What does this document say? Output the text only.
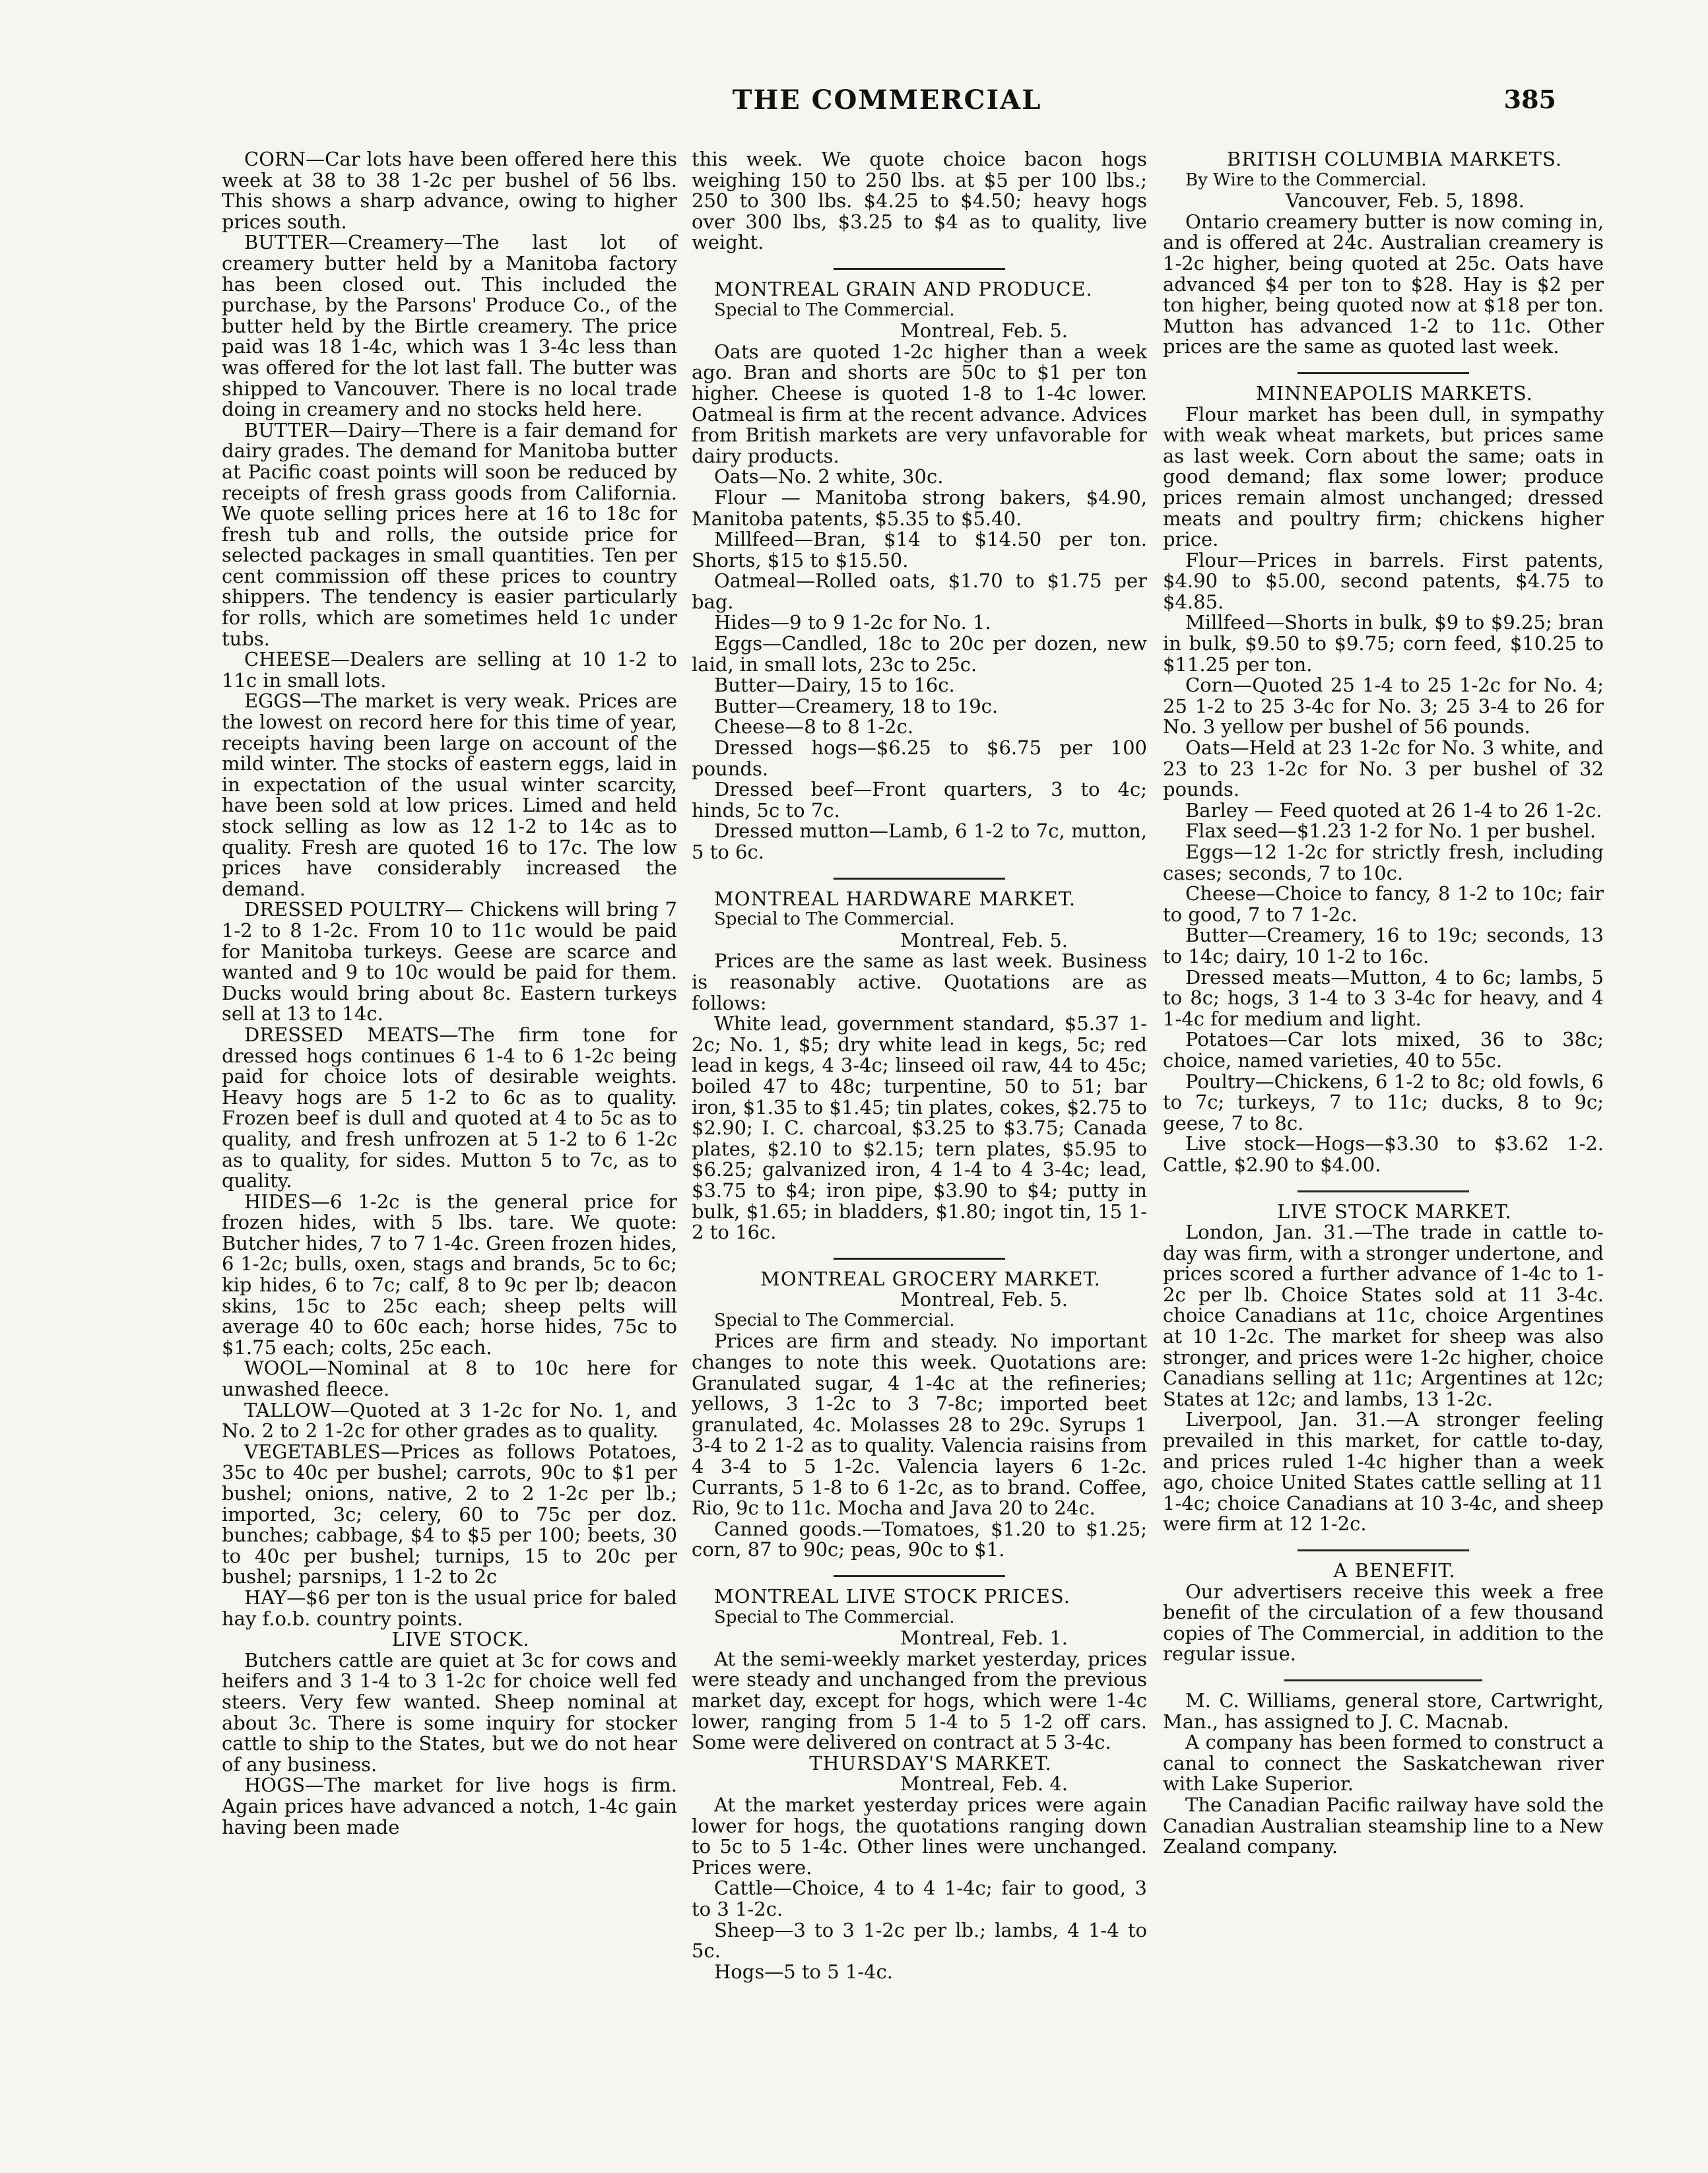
THE COMMERCIAL	385

CORN—Car lots have been offered here this week at 38 to 38 1-2c per bushel of 56 lbs. This shows a sharp advance, owing to higher prices south.

BUTTER—Creamery—The last lot of creamery butter held by a Manitoba factory has been closed out. This included the purchase, by the Parsons' Produce Co., of the butter held by the Birtle creamery. The price paid was 18 1-4c, which was 1 3-4c less than was offered for the lot last fall. The butter was shipped to Vancouver. There is no local trade doing in creamery and no stocks held here.

BUTTER—Dairy—There is a fair demand for dairy grades. The demand for Manitoba butter at Pacific coast points will soon be reduced by receipts of fresh grass goods from California. We quote selling prices here at 16 to 18c for fresh tub and rolls, the outside price for selected packages in small quantities. Ten per cent commission off these prices to country shippers. The tendency is easier particularly for rolls, which are sometimes held 1c under tubs.

CHEESE—Dealers are selling at 10 1-2 to 11c in small lots.

EGGS—The market is very weak. Prices are the lowest on record here for this time of year, receipts having been large on account of the mild winter. The stocks of eastern eggs, laid in in expectation of the usual winter scarcity, have been sold at low prices. Limed and held stock selling as low as 12 1-2 to 14c as to quality. Fresh are quoted 16 to 17c. The low prices have considerably increased the demand.

DRESSED POULTRY— Chickens will bring 7 1-2 to 8 1-2c. From 10 to 11c would be paid for Manitoba turkeys. Geese are scarce and wanted and 9 to 10c would be paid for them. Ducks would bring about 8c. Eastern turkeys sell at 13 to 14c.

DRESSED MEATS—The firm tone for dressed hogs continues 6 1-4 to 6 1-2c being paid for choice lots of desirable weights. Heavy hogs are 5 1-2 to 6c as to quality. Frozen beef is dull and quoted at 4 to 5c as to quality, and fresh unfrozen at 5 1-2 to 6 1-2c as to quality, for sides. Mutton 5 to 7c, as to quality.

HIDES—6 1-2c is the general price for frozen hides, with 5 lbs. tare. We quote: Butcher hides, 7 to 7 1-4c. Green frozen hides, 6 1-2c; bulls, oxen, stags and brands, 5c to 6c; kip hides, 6 to 7c; calf, 8 to 9c per lb; deacon skins, 15c to 25c each; sheep pelts will average 40 to 60c each; horse hides, 75c to $1.75 each; colts, 25c each.

WOOL—Nominal at 8 to 10c here for unwashed fleece.

TALLOW—Quoted at 3 1-2c for No. 1, and No. 2 to 2 1-2c for other grades as to quality.

VEGETABLES—Prices as follows Potatoes, 35c to 40c per bushel; carrots, 90c to $1 per bushel; onions, native, 2 to 2 1-2c per lb.; imported, 3c; celery, 60 to 75c per doz. bunches; cabbage, $4 to $5 per 100; beets, 30 to 40c per bushel; turnips, 15 to 20c per bushel; parsnips, 1 1-2 to 2c

HAY—$6 per ton is the usual price for baled hay f.o.b. country points.

LIVE STOCK.

Butchers cattle are quiet at 3c for cows and heifers and 3 1-4 to 3 1-2c for choice well fed steers. Very few wanted. Sheep nominal at about 3c. There is some inquiry for stocker cattle to ship to the States, but we do not hear of any business.

HOGS—The market for live hogs is firm. Again prices have advanced a notch, 1-4c gain having been made

this week. We quote choice bacon hogs weighing 150 to 250 lbs. at $5 per 100 lbs.; 250 to 300 lbs. $4.25 to $4.50; heavy hogs over 300 lbs, $3.25 to $4 as to quality, live weight.

MONTREAL GRAIN AND PRODUCE.

Special to The Commercial.

Montreal, Feb. 5.

Oats are quoted 1-2c higher than a week ago. Bran and shorts are 50c to $1 per ton higher. Cheese is quoted 1-8 to 1-4c lower. Oatmeal is firm at the recent advance. Advices from British markets are very unfavorable for dairy products.

Oats—No. 2 white, 30c.

Flour — Manitoba strong bakers, $4.90, Manitoba patents, $5.35 to $5.40.

Millfeed—Bran, $14 to $14.50 per ton. Shorts, $15 to $15.50.

Oatmeal—Rolled oats, $1.70 to $1.75 per bag.

Hides—9 to 9 1-2c for No. 1.

Eggs—Candled, 18c to 20c per dozen, new laid, in small lots, 23c to 25c.

Butter—Dairy, 15 to 16c.

Butter—Creamery, 18 to 19c.

Cheese—8 to 8 1-2c.

Dressed hogs—$6.25 to $6.75 per 100 pounds.

Dressed beef—Front quarters, 3 to 4c; hinds, 5c to 7c.

Dressed mutton—Lamb, 6 1-2 to 7c, mutton, 5 to 6c.

MONTREAL HARDWARE MARKET.

Special to The Commercial.

Montreal, Feb. 5.

Prices are the same as last week. Business is reasonably active. Quotations are as follows:

White lead, government standard, $5.37 1-2c; No. 1, $5; dry white lead in kegs, 5c; red lead in kegs, 4 3-4c; linseed oil raw, 44 to 45c; boiled 47 to 48c; turpentine, 50 to 51; bar iron, $1.35 to $1.45; tin plates, cokes, $2.75 to $2.90; I. C. charcoal, $3.25 to $3.75; Canada plates, $2.10 to $2.15; tern plates, $5.95 to $6.25; galvanized iron, 4 1-4 to 4 3-4c; lead, $3.75 to $4; iron pipe, $3.90 to $4; putty in bulk, $1.65; in bladders, $1.80; ingot tin, 15 1-2 to 16c.

MONTREAL GROCERY MARKET.

Montreal, Feb. 5.

Special to The Commercial.

Prices are firm and steady. No important changes to note this week. Quotations are: Granulated sugar, 4 1-4c at the refineries; yellows, 3 1-2c to 3 7-8c; imported beet granulated, 4c. Molasses 28 to 29c. Syrups 1 3-4 to 2 1-2 as to quality. Valencia raisins from 4 3-4 to 5 1-2c. Valencia layers 6 1-2c. Currants, 5 1-8 to 6 1-2c, as to brand. Coffee, Rio, 9c to 11c. Mocha and Java 20 to 24c.

Canned goods.—Tomatoes, $1.20 to $1.25; corn, 87 to 90c; peas, 90c to $1.

MONTREAL LIVE STOCK PRICES.

Special to The Commercial.

Montreal, Feb. 1.

At the semi-weekly market yesterday, prices were steady and unchanged from the previous market day, except for hogs, which were 1-4c lower, ranging from 5 1-4 to 5 1-2 off cars. Some were delivered on contract at 5 3-4c.

THURSDAY'S MARKET.

Montreal, Feb. 4.

At the market yesterday prices were again lower for hogs, the quotations ranging down to 5c to 5 1-4c. Other lines were unchanged. Prices were.

Cattle—Choice, 4 to 4 1-4c; fair to good, 3 to 3 1-2c.

Sheep—3 to 3 1-2c per lb.; lambs, 4 1-4 to 5c.

Hogs—5 to 5 1-4c.

BRITISH COLUMBIA MARKETS.

By Wire to the Commercial.

Vancouver, Feb. 5, 1898.

Ontario creamery butter is now coming in, and is offered at 24c. Australian creamery is 1-2c higher, being quoted at 25c. Oats have advanced $4 per ton to $28. Hay is $2 per ton higher, being quoted now at $18 per ton. Mutton has advanced 1-2 to 11c. Other prices are the same as quoted last week.

MINNEAPOLIS MARKETS.

Flour market has been dull, in sympathy with weak wheat markets, but prices same as last week. Corn about the same; oats in good demand; flax some lower; produce prices remain almost unchanged; dressed meats and poultry firm; chickens higher price.

Flour—Prices in barrels. First patents, $4.90 to $5.00, second patents, $4.75 to $4.85.

Millfeed—Shorts in bulk, $9 to $9.25; bran in bulk, $9.50 to $9.75; corn feed, $10.25 to $11.25 per ton.

Corn—Quoted 25 1-4 to 25 1-2c for No. 4; 25 1-2 to 25 3-4c for No. 3; 25 3-4 to 26 for No. 3 yellow per bushel of 56 pounds.

Oats—Held at 23 1-2c for No. 3 white, and 23 to 23 1-2c for No. 3 per bushel of 32 pounds.

Barley — Feed quoted at 26 1-4 to 26 1-2c.

Flax seed—$1.23 1-2 for No. 1 per bushel.

Eggs—12 1-2c for strictly fresh, including cases; seconds, 7 to 10c.

Cheese—Choice to fancy, 8 1-2 to 10c; fair to good, 7 to 7 1-2c.

Butter—Creamery, 16 to 19c; seconds, 13 to 14c; dairy, 10 1-2 to 16c.

Dressed meats—Mutton, 4 to 6c; lambs, 5 to 8c; hogs, 3 1-4 to 3 3-4c for heavy, and 4 1-4c for medium and light.

Potatoes—Car lots mixed, 36 to 38c; choice, named varieties, 40 to 55c.

Poultry—Chickens, 6 1-2 to 8c; old fowls, 6 to 7c; turkeys, 7 to 11c; ducks, 8 to 9c; geese, 7 to 8c.

Live stock—Hogs—$3.30 to $3.62 1-2. Cattle, $2.90 to $4.00.

LIVE STOCK MARKET.

London, Jan. 31.—The trade in cattle to-day was firm, with a stronger undertone, and prices scored a further advance of 1-4c to 1-2c per lb. Choice States sold at 11 3-4c. choice Canadians at 11c, choice Argentines at 10 1-2c. The market for sheep was also stronger, and prices were 1-2c higher, choice Canadians selling at 11c; Argentines at 12c; States at 12c; and lambs, 13 1-2c.

Liverpool, Jan. 31.—A stronger feeling prevailed in this market, for cattle to-day, and prices ruled 1-4c higher than a week ago, choice United States cattle selling at 11 1-4c; choice Canadians at 10 3-4c, and sheep were firm at 12 1-2c.

A BENEFIT.

Our advertisers receive this week a free benefit of the circulation of a few thousand copies of The Commercial, in addition to the regular issue.

M. C. Williams, general store, Cartwright, Man., has assigned to J. C. Macnab.

A company has been formed to construct a canal to connect the Saskatchewan river with Lake Superior.

The Canadian Pacific railway have sold the Canadian Australian steamship line to a New Zealand company.
